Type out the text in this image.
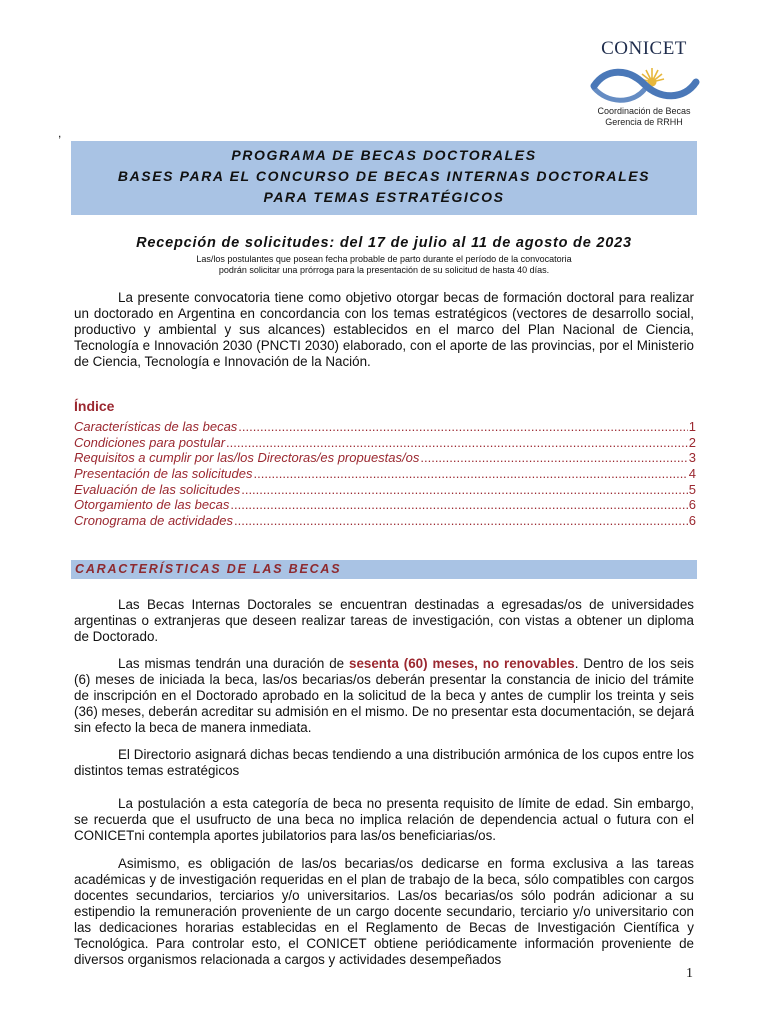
,
CONICET
Coordinación de Becas
Gerencia de RRHH
PROGRAMA DE BECAS DOCTORALES
BASES PARA EL CONCURSO DE BECAS INTERNAS DOCTORALES
PARA TEMAS ESTRATÉGICOS
Recepción de solicitudes: del 17 de julio al 11 de agosto de 2023
Las/los postulantes que posean fecha probable de parto durante el período de la convocatoria
podrán solicitar una prórroga para la presentación de su solicitud de hasta 40 días.
La presente convocatoria tiene como objetivo otorgar becas de formación doctoral para realizar un doctorado en Argentina en concordancia con los temas estratégicos (vectores de desarrollo social, productivo y ambiental y sus alcances) establecidos en el marco del Plan Nacional de Ciencia, Tecnología e Innovación 2030 (PNCTI 2030) elaborado, con el aporte de las provincias, por el Ministerio de Ciencia, Tecnología e Innovación de la Nación.
Índice
Características de las becas .....	1
Condiciones para postular .....	2
Requisitos a cumplir por las/los Directoras/es propuestas/os .....	3
Presentación de las solicitudes .....	4
Evaluación de las solicitudes .....	5
Otorgamiento de las becas .....	6
Cronograma de actividades .....	6
CARACTERÍSTICAS DE LAS BECAS
Las Becas Internas Doctorales se encuentran destinadas a egresadas/os de universidades argentinas o extranjeras que deseen realizar tareas de investigación, con vistas a obtener un diploma de Doctorado.
Las mismas tendrán una duración de sesenta (60) meses, no renovables. Dentro de los seis (6) meses de iniciada la beca, las/os becarias/os deberán presentar la constancia de inicio del trámite de inscripción en el Doctorado aprobado en la solicitud de la beca y antes de cumplir los treinta y seis (36) meses, deberán acreditar su admisión en el mismo. De no presentar esta documentación, se dejará sin efecto la beca de manera inmediata.
El Directorio asignará dichas becas tendiendo a una distribución armónica de los cupos entre los distintos temas estratégicos
La postulación a esta categoría de beca no presenta requisito de límite de edad. Sin embargo, se recuerda que el usufructo de una beca no implica relación de dependencia actual o futura con el CONICETni contempla aportes jubilatorios para las/os beneficiarias/os.
Asimismo, es obligación de las/os becarias/os dedicarse en forma exclusiva a las tareas académicas y de investigación requeridas en el plan de trabajo de la beca, sólo compatibles con cargos docentes secundarios, terciarios y/o universitarios. Las/os becarias/os sólo podrán adicionar a su estipendio la remuneración proveniente de un cargo docente secundario, terciario y/o universitario con las dedicaciones horarias establecidas en el Reglamento de Becas de Investigación Científica y Tecnológica. Para controlar esto, el CONICET obtiene periódicamente información proveniente de diversos organismos relacionada a cargos y actividades desempeñados
1
